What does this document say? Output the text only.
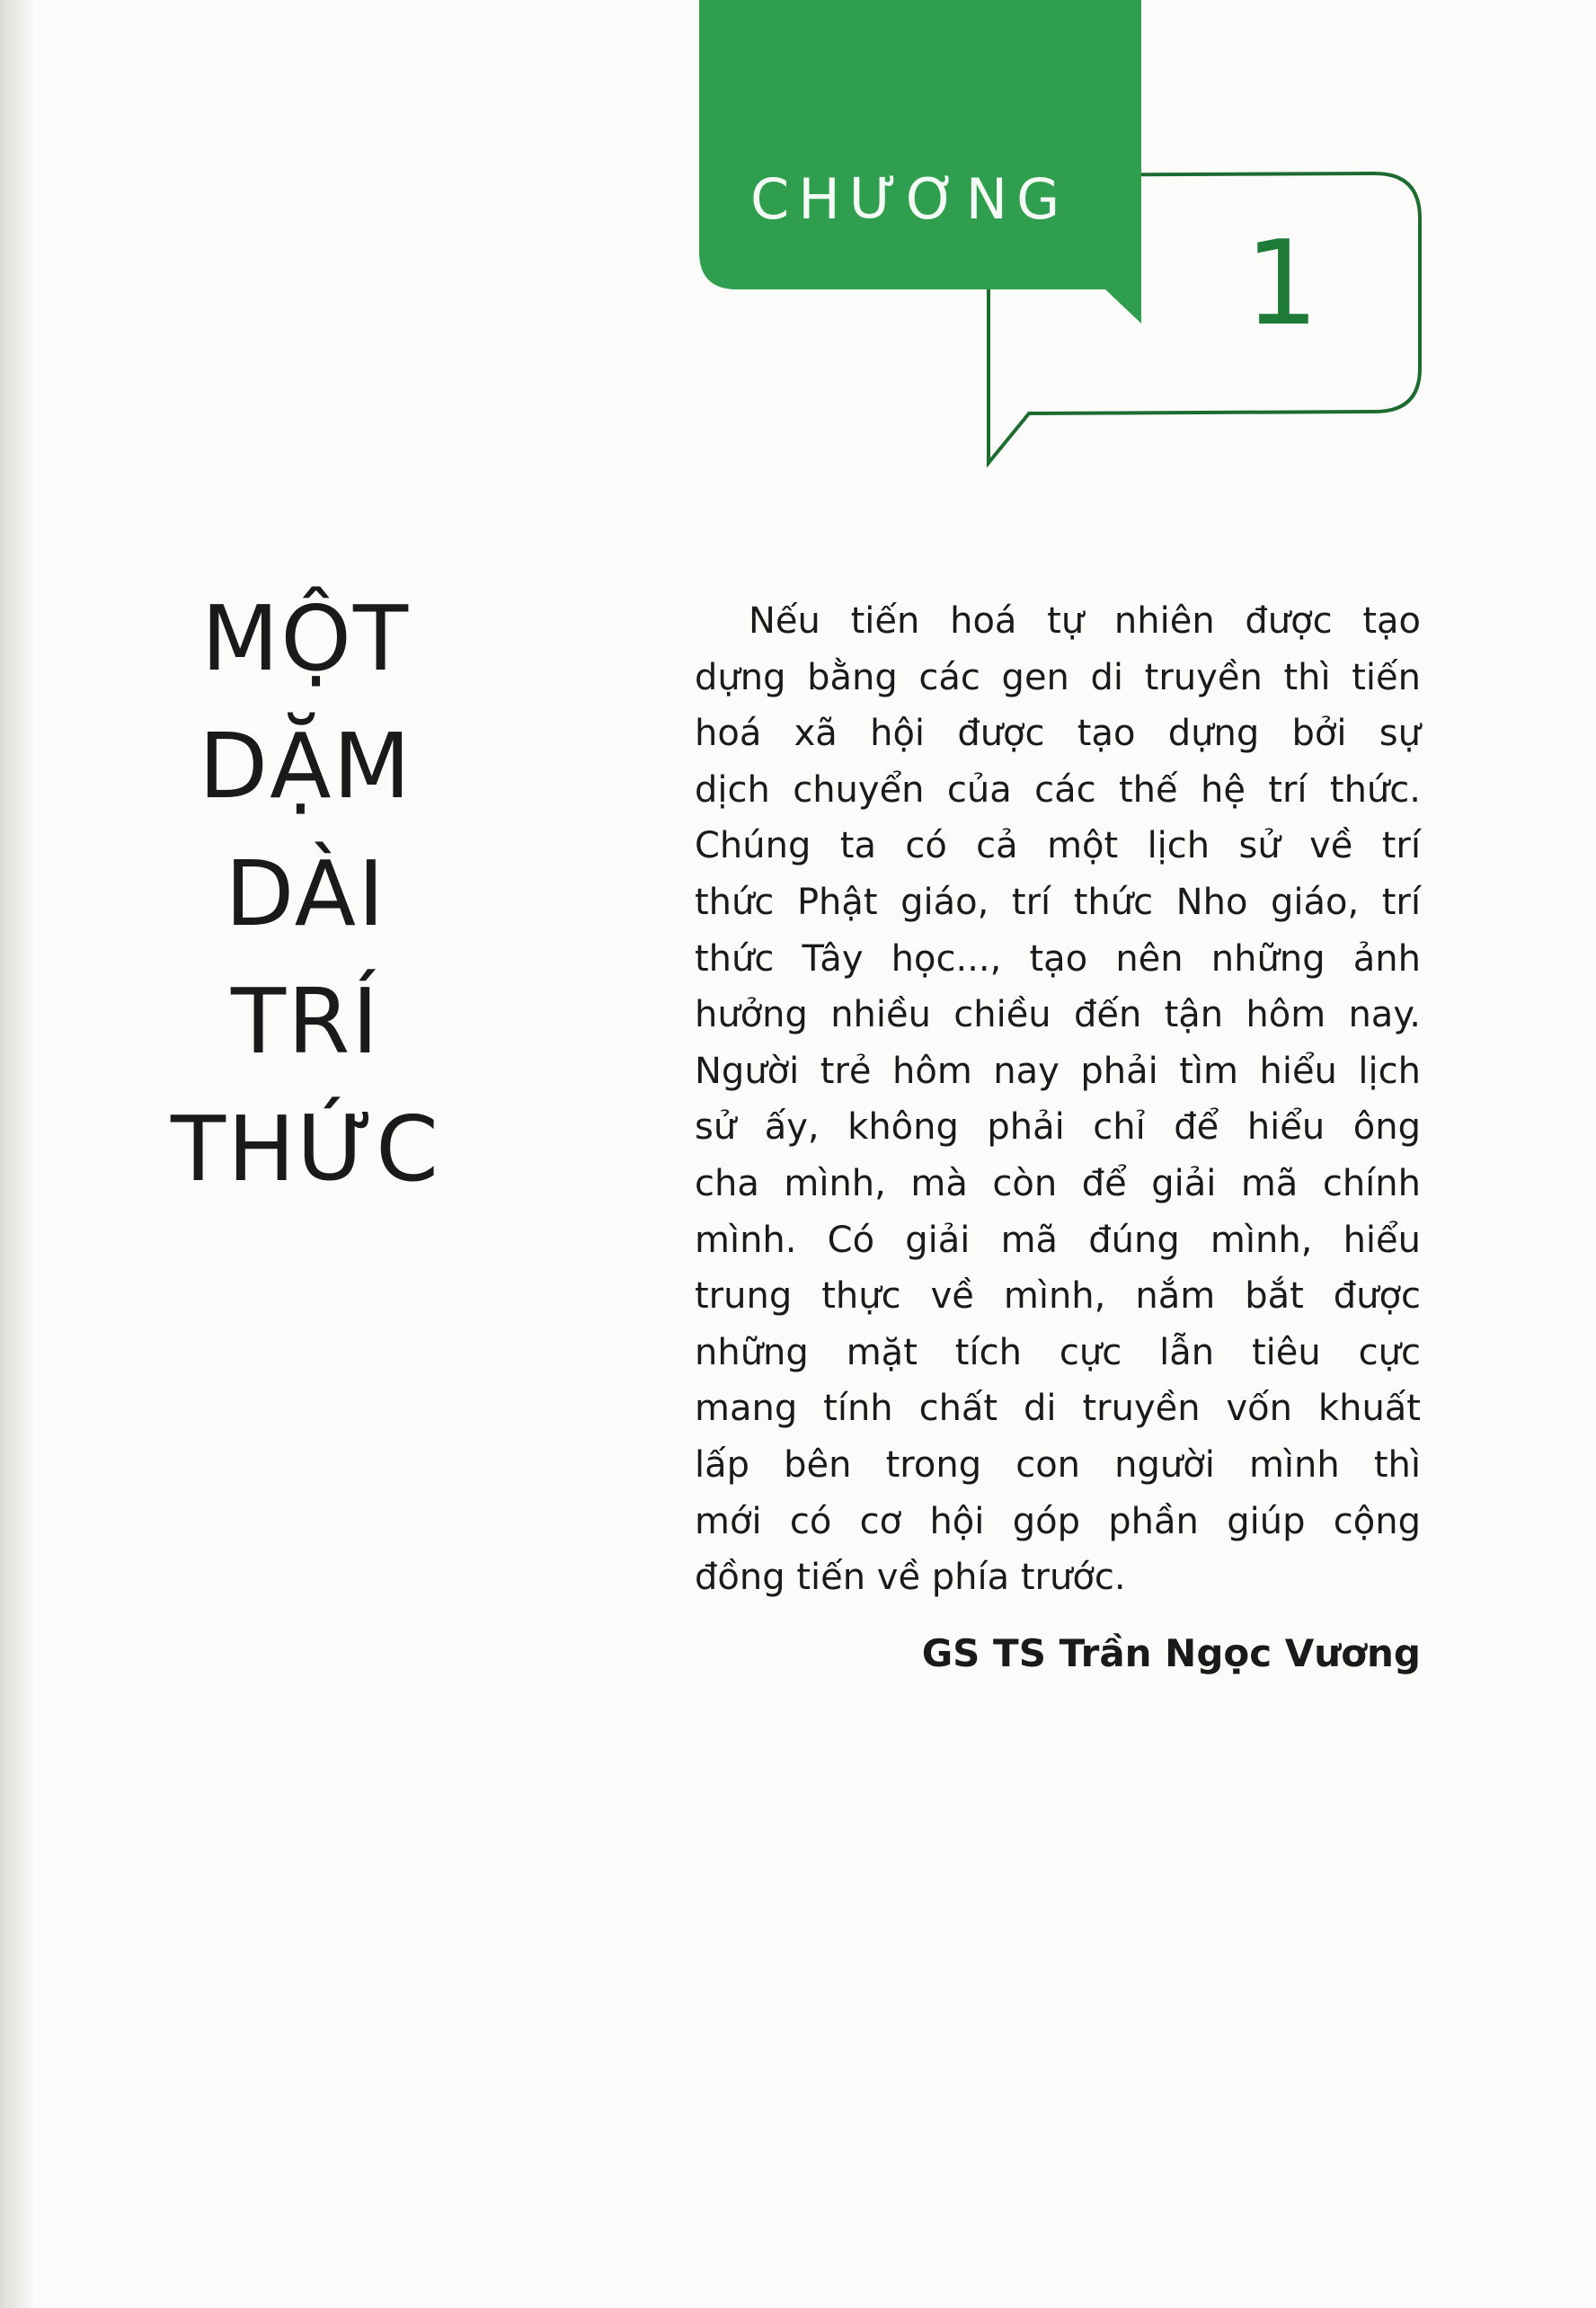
CHƯƠNG
1
MỘT
DẶM
DÀI
TRÍ
THỨC
Nếu tiến hoá tự nhiên được tạo
dựng bằng các gen di truyền thì tiến
hoá xã hội được tạo dựng bởi sự
dịch chuyển của các thế hệ trí thức.
Chúng ta có cả một lịch sử về trí
thức Phật giáo, trí thức Nho giáo, trí
thức Tây học..., tạo nên những ảnh
hưởng nhiều chiều đến tận hôm nay.
Người trẻ hôm nay phải tìm hiểu lịch
sử ấy, không phải chỉ để hiểu ông
cha mình, mà còn để giải mã chính
mình. Có giải mã đúng mình, hiểu
trung thực về mình, nắm bắt được
những mặt tích cực lẫn tiêu cực
mang tính chất di truyền vốn khuất
lấp bên trong con người mình thì
mới có cơ hội góp phần giúp cộng
đồng tiến về phía trước.
GS TS Trần Ngọc Vương
